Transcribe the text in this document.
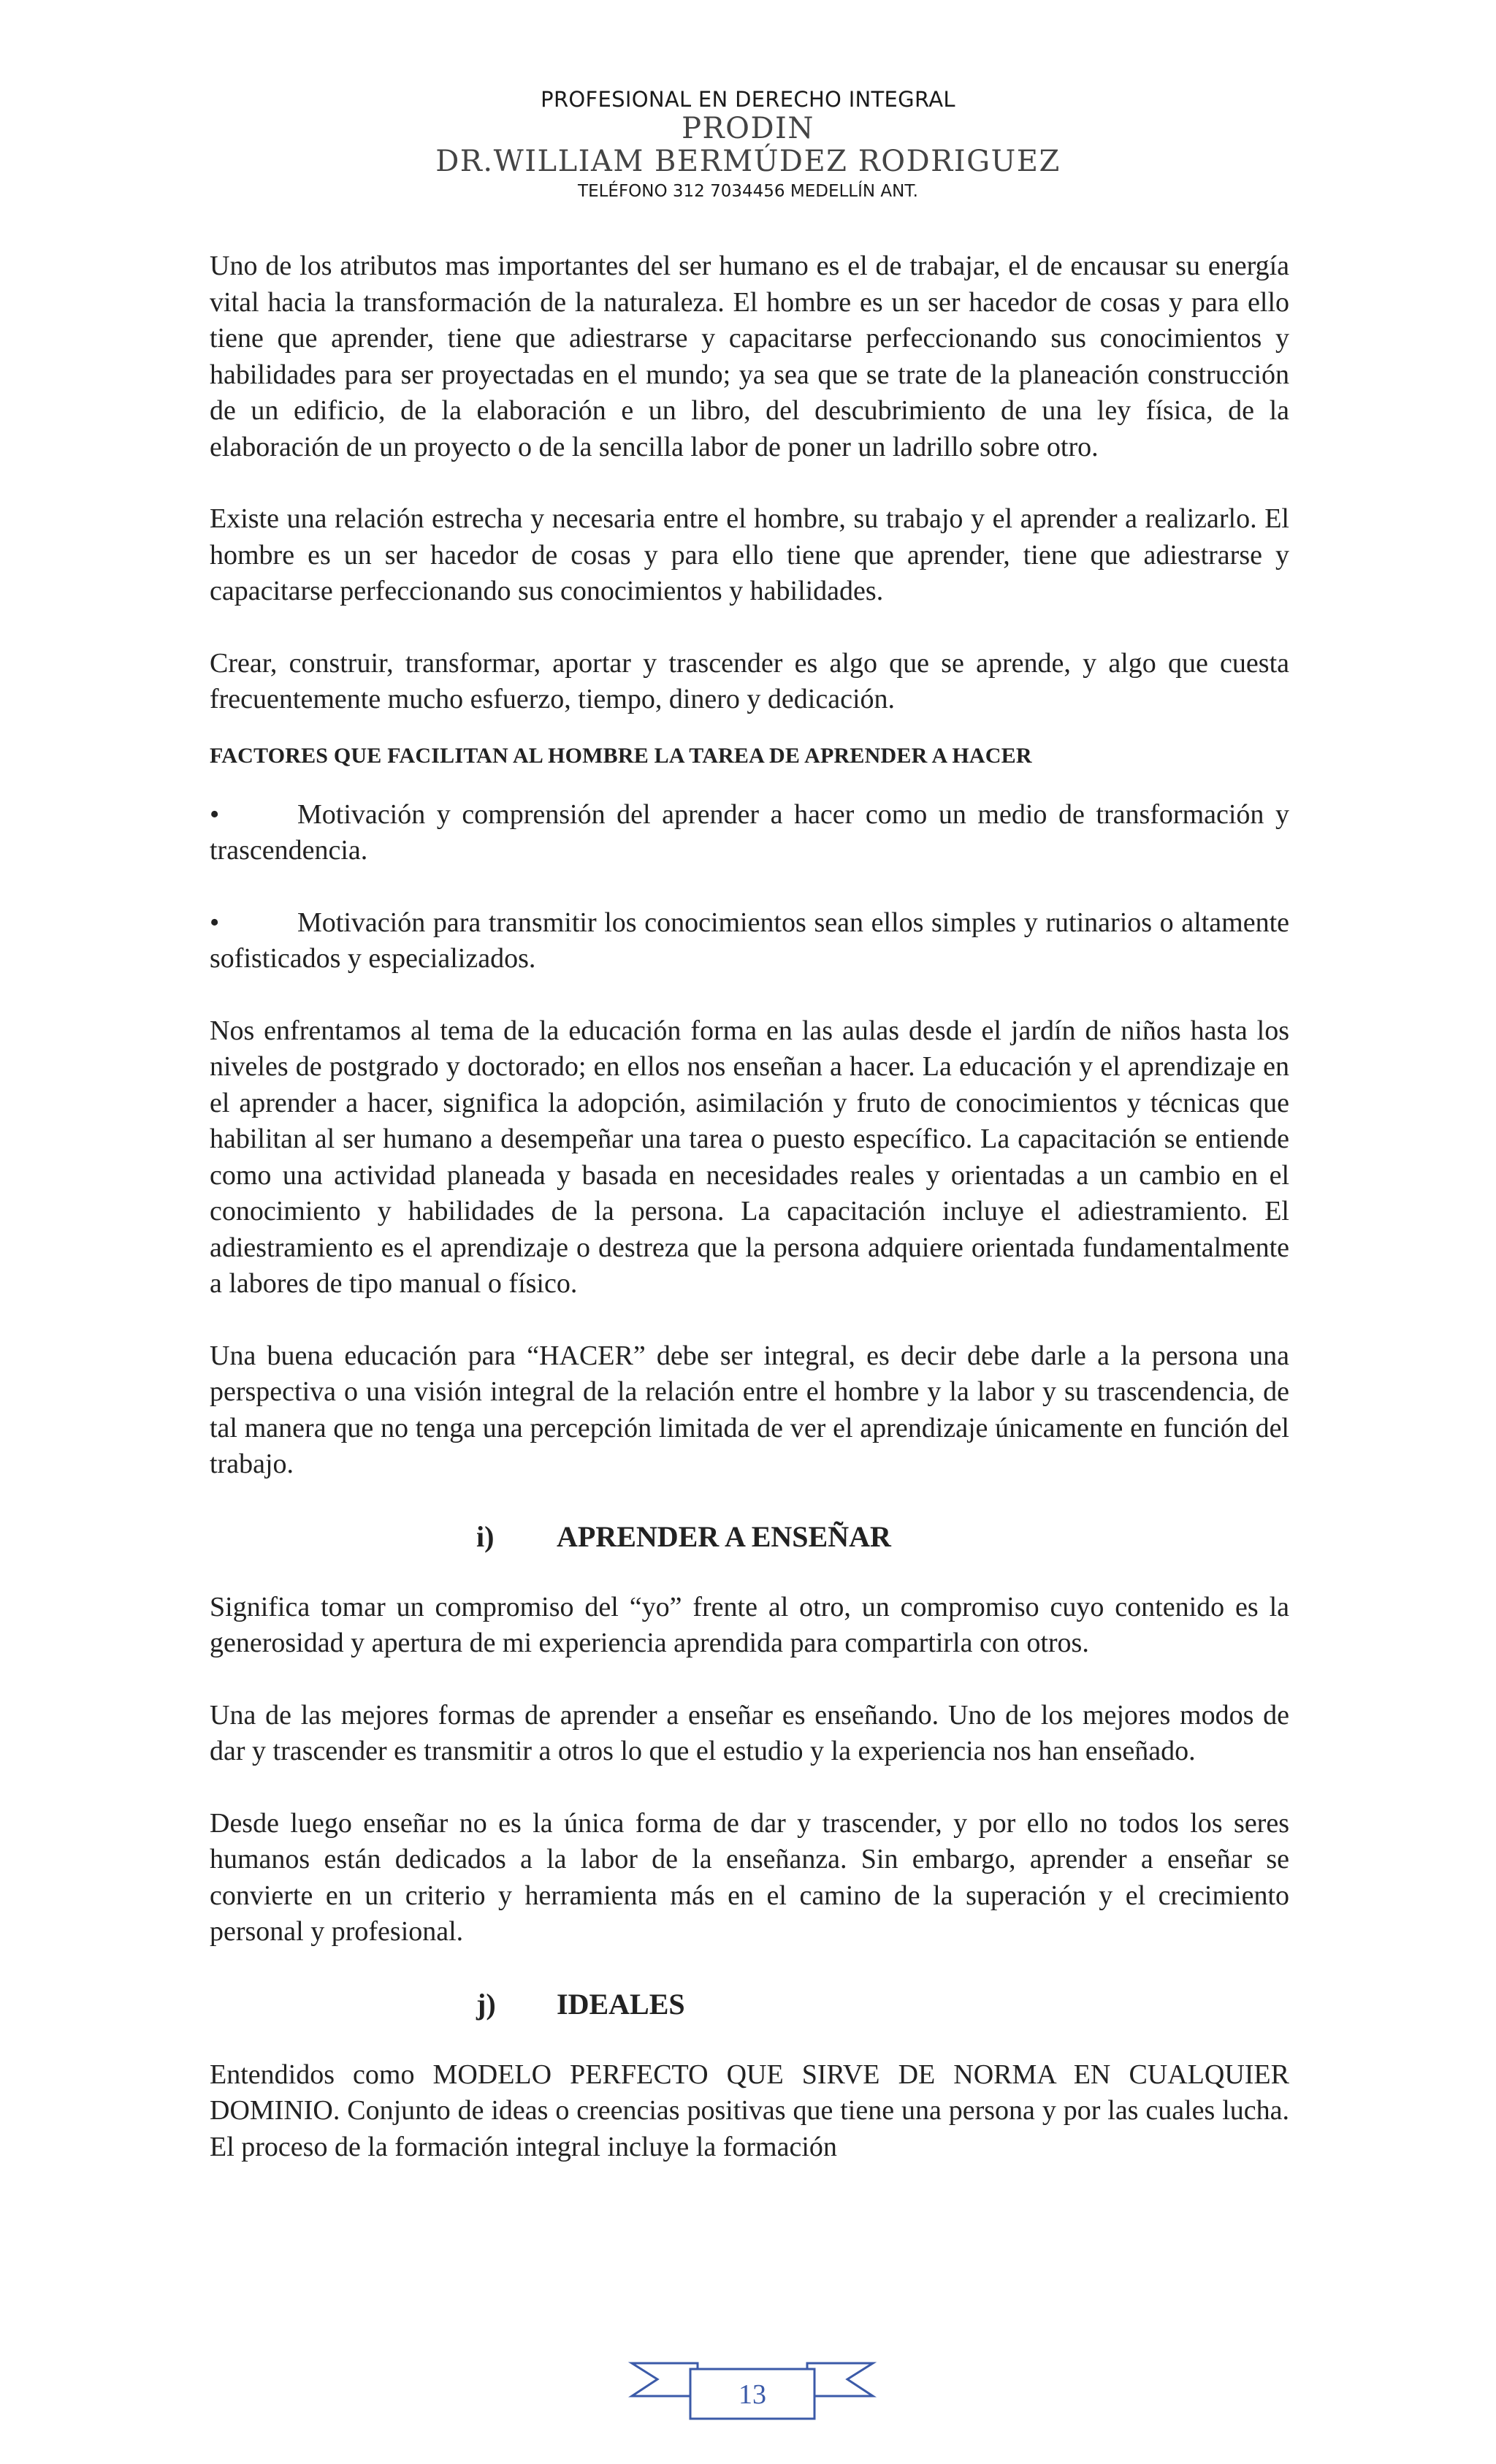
PROFESIONAL EN DERECHO INTEGRAL
PRODIN
DR.WILLIAM BERMÚDEZ RODRIGUEZ
TELÉFONO 312 7034456 MEDELLÍN ANT.

Uno de los atributos mas importantes del ser humano es el de trabajar, el de encausar su energía vital hacia la transformación de la naturaleza. El hombre es un ser hacedor de cosas y para ello tiene que aprender, tiene que adiestrarse y capacitarse perfeccionando sus conocimientos y habilidades para ser proyectadas en el mundo; ya sea que se trate de la planeación construcción de un edificio, de la elaboración e un libro, del descubrimiento de una ley física, de la elaboración de un proyecto o de la sencilla labor de poner un ladrillo sobre otro.

Existe una relación estrecha y necesaria entre el hombre, su trabajo y el aprender a realizarlo. El hombre es un ser hacedor de cosas y para ello tiene que aprender, tiene que adiestrarse y capacitarse perfeccionando sus conocimientos y habilidades.

Crear, construir, transformar, aportar y trascender es algo que se aprende, y algo que cuesta frecuentemente mucho esfuerzo, tiempo, dinero y dedicación.

FACTORES QUE FACILITAN AL HOMBRE LA TAREA DE APRENDER A HACER

•	Motivación y comprensión del aprender a hacer como un medio de transformación y trascendencia.

•	Motivación para transmitir los conocimientos sean ellos simples y rutinarios o altamente sofisticados y especializados.

Nos enfrentamos al tema de la educación forma en las aulas desde el jardín de niños hasta los niveles de postgrado y doctorado; en ellos nos enseñan a hacer. La educación y el aprendizaje en el aprender a hacer, significa la adopción, asimilación y fruto de conocimientos y técnicas que habilitan al ser humano a desempeñar una tarea o puesto específico. La capacitación se entiende como una actividad planeada y basada en necesidades reales y orientadas a un cambio en el conocimiento y habilidades de la persona. La capacitación incluye el adiestramiento. El adiestramiento es el aprendizaje o destreza que la persona adquiere orientada fundamentalmente a labores de tipo manual o físico.

Una buena educación para “HACER” debe ser integral, es decir debe darle a la persona una perspectiva o una visión integral de la relación entre el hombre y la labor y su trascendencia, de tal manera que no tenga una percepción limitada de ver el aprendizaje únicamente en función del trabajo.

i) APRENDER A ENSEÑAR

Significa tomar un compromiso del “yo” frente al otro, un compromiso cuyo contenido es la generosidad y apertura de mi experiencia aprendida para compartirla con otros.

Una de las mejores formas de aprender a enseñar es enseñando. Uno de los mejores modos de dar y trascender es transmitir a otros lo que el estudio y la experiencia nos han enseñado.

Desde luego enseñar no es la única forma de dar y trascender, y por ello no todos los seres humanos están dedicados a la labor de la enseñanza. Sin embargo, aprender a enseñar se convierte en un criterio y herramienta más en el camino de la superación y el crecimiento personal y profesional.

j) IDEALES

Entendidos como MODELO PERFECTO QUE SIRVE DE NORMA EN CUALQUIER DOMINIO. Conjunto de ideas o creencias positivas que tiene una persona y por las cuales lucha. El proceso de la formación integral incluye la formación

13
